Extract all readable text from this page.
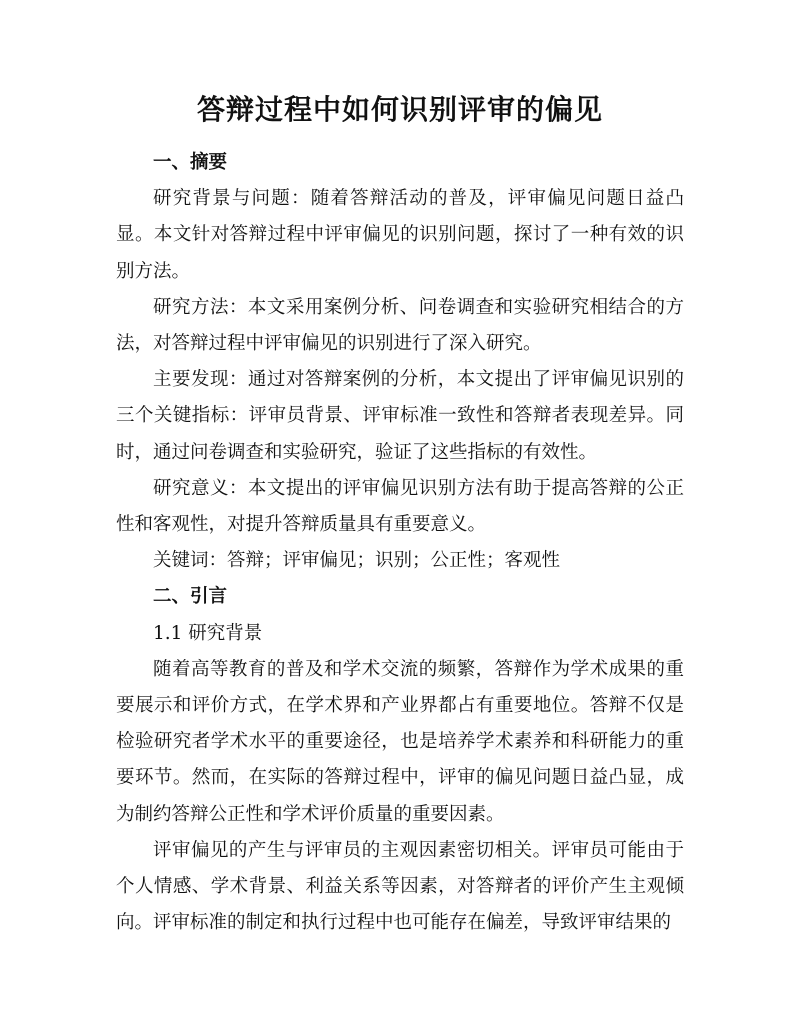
答辩过程中如何识别评审的偏见

一、摘要

研究背景与问题：随着答辩活动的普及，评审偏见问题日益凸显。本文针对答辩过程中评审偏见的识别问题，探讨了一种有效的识别方法。

研究方法：本文采用案例分析、问卷调查和实验研究相结合的方法，对答辩过程中评审偏见的识别进行了深入研究。

主要发现：通过对答辩案例的分析，本文提出了评审偏见识别的三个关键指标：评审员背景、评审标准一致性和答辩者表现差异。同时，通过问卷调查和实验研究，验证了这些指标的有效性。

研究意义：本文提出的评审偏见识别方法有助于提高答辩的公正性和客观性，对提升答辩质量具有重要意义。

关键词：答辩；评审偏见；识别；公正性；客观性

二、引言

1.1 研究背景

随着高等教育的普及和学术交流的频繁，答辩作为学术成果的重要展示和评价方式，在学术界和产业界都占有重要地位。答辩不仅是检验研究者学术水平的重要途径，也是培养学术素养和科研能力的重要环节。然而，在实际的答辩过程中，评审的偏见问题日益凸显，成为制约答辩公正性和学术评价质量的重要因素。

评审偏见的产生与评审员的主观因素密切相关。评审员可能由于个人情感、学术背景、利益关系等因素，对答辩者的评价产生主观倾向。评审标准的制定和执行过程中也可能存在偏差，导致评审结果的
